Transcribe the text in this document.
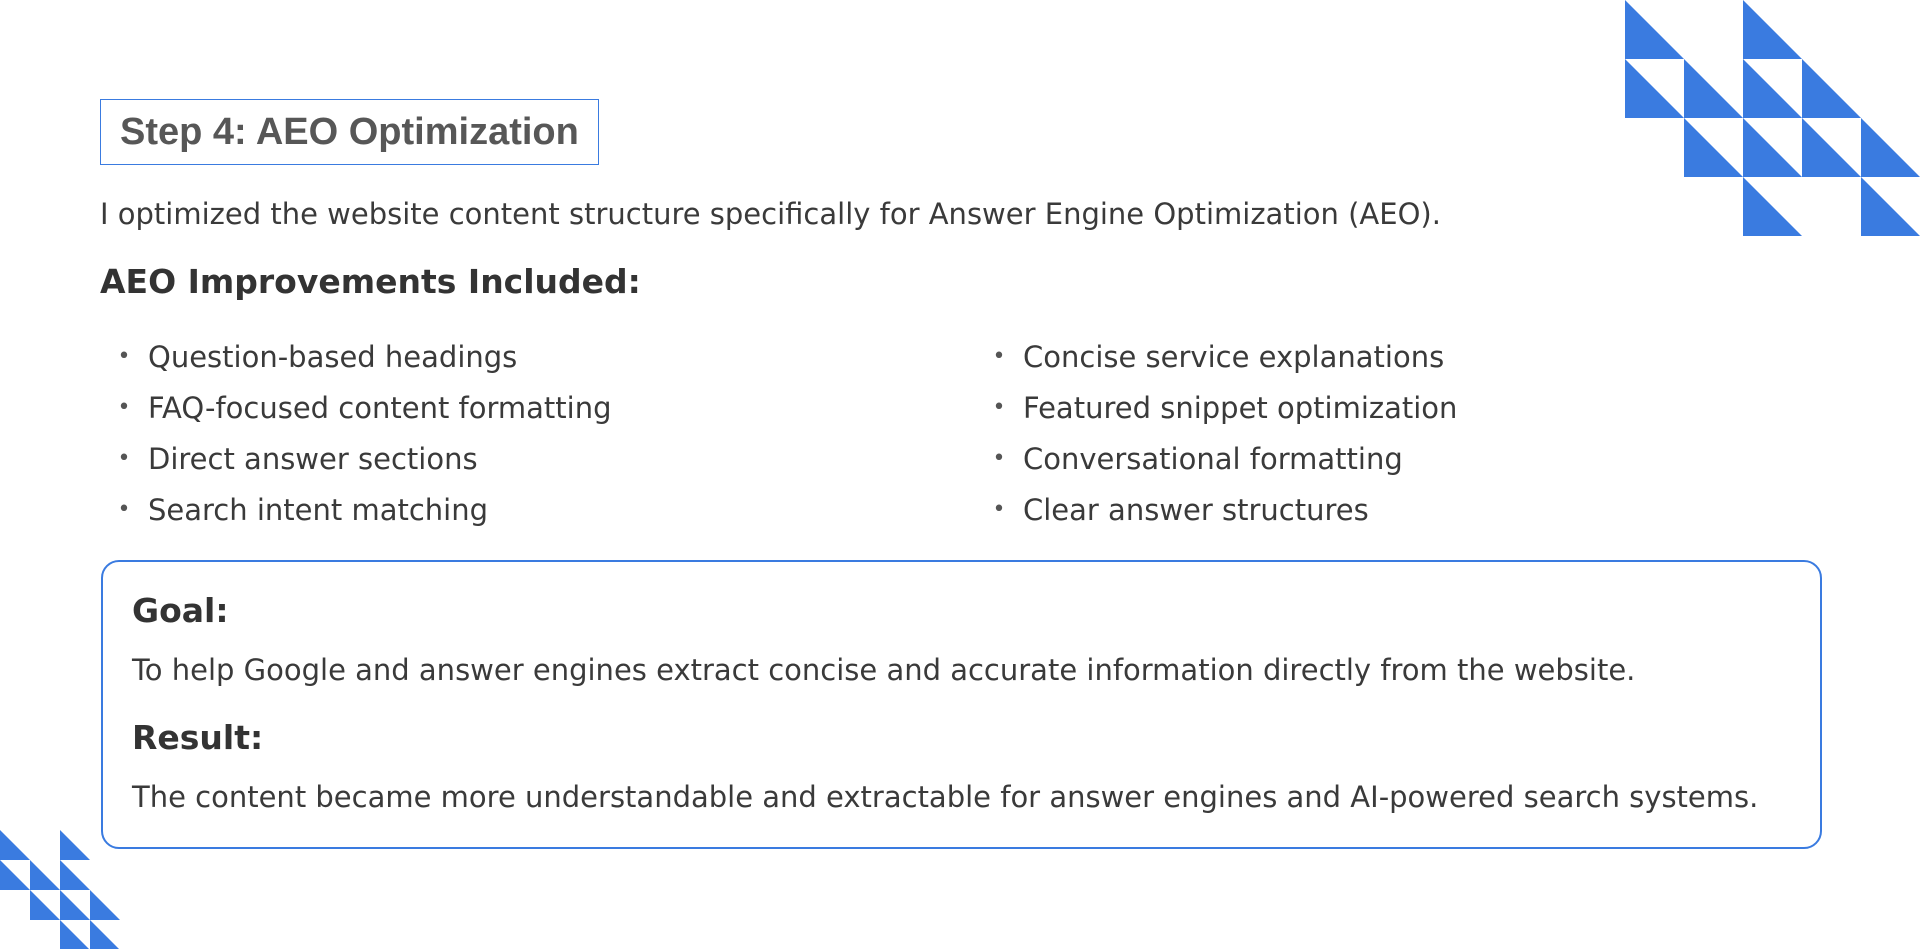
Step 4: AEO Optimization
I optimized the website content structure specifically for Answer Engine Optimization (AEO).
AEO Improvements Included:
• Question-based headings
• FAQ-focused content formatting
• Direct answer sections
• Search intent matching
• Concise service explanations
• Featured snippet optimization
• Conversational formatting
• Clear answer structures
Goal:
To help Google and answer engines extract concise and accurate information directly from the website.
Result:
The content became more understandable and extractable for answer engines and AI-powered search systems.
